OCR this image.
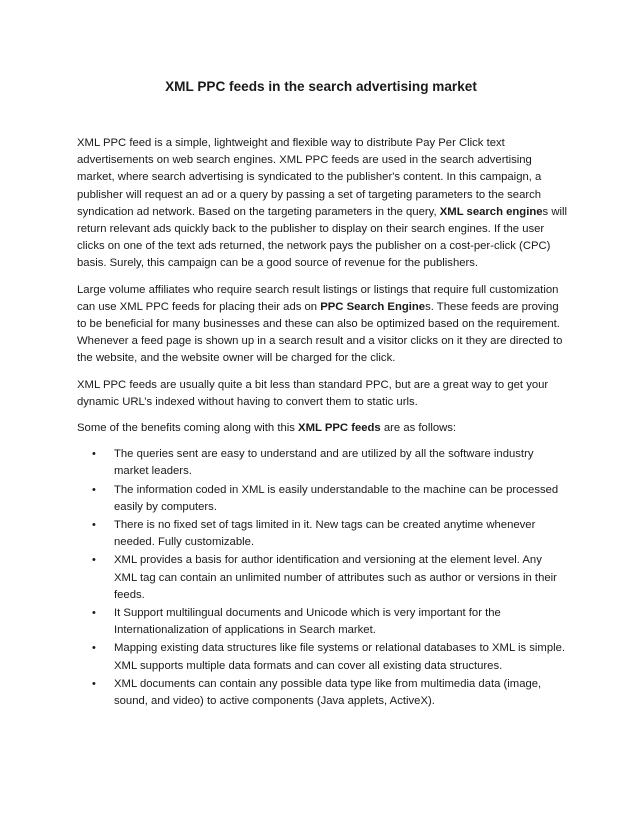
XML PPC feeds in the search advertising market

XML PPC feed is a simple, lightweight and flexible way to distribute Pay Per Click text advertisements on web search engines. XML PPC feeds are used in the search advertising market, where search advertising is syndicated to the publisher's content. In this campaign, a publisher will request an ad or a query by passing a set of targeting parameters to the search syndication ad network. Based on the targeting parameters in the query, XML search engines will return relevant ads quickly back to the publisher to display on their search engines. If the user clicks on one of the text ads returned, the network pays the publisher on a cost-per-click (CPC) basis. Surely, this campaign can be a good source of revenue for the publishers.

Large volume affiliates who require search result listings or listings that require full customization can use XML PPC feeds for placing their ads on PPC Search Engines. These feeds are proving to be beneficial for many businesses and these can also be optimized based on the requirement. Whenever a feed page is shown up in a search result and a visitor clicks on it they are directed to the website, and the website owner will be charged for the click.

XML PPC feeds are usually quite a bit less than standard PPC, but are a great way to get your dynamic URL’s indexed without having to convert them to static urls.

Some of the benefits coming along with this XML PPC feeds are as follows:

• The queries sent are easy to understand and are utilized by all the software industry market leaders.
• The information coded in XML is easily understandable to the machine can be processed easily by computers.
• There is no fixed set of tags limited in it. New tags can be created anytime whenever needed. Fully customizable.
• XML provides a basis for author identification and versioning at the element level. Any XML tag can contain an unlimited number of attributes such as author or versions in their feeds.
• It Support multilingual documents and Unicode which is very important for the Internationalization of applications in Search market.
• Mapping existing data structures like file systems or relational databases to XML is simple. XML supports multiple data formats and can cover all existing data structures.
• XML documents can contain any possible data type like from multimedia data (image, sound, and video) to active components (Java applets, ActiveX).
